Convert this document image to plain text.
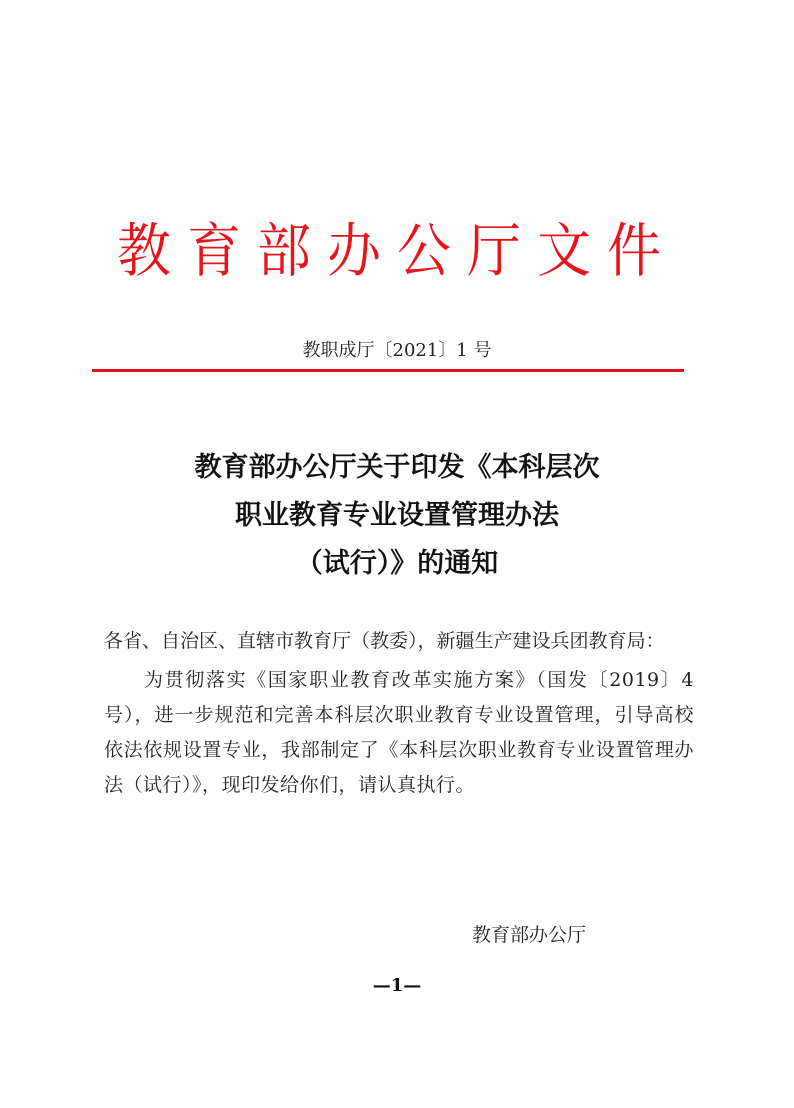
教育部办公厅文件
教职成厅〔2021〕1 号
教育部办公厅关于印发《本科层次
职业教育专业设置管理办法
（试行）》的通知
各省、自治区、直辖市教育厅（教委），新疆生产建设兵团教育局：
为贯彻落实《国家职业教育改革实施方案》（国发〔2019〕4号），进一步规范和完善本科层次职业教育专业设置管理，引导高校依法依规设置专业，我部制定了《本科层次职业教育专业设置管理办法（试行）》，现印发给你们，请认真执行。
教育部办公厅
—1—
